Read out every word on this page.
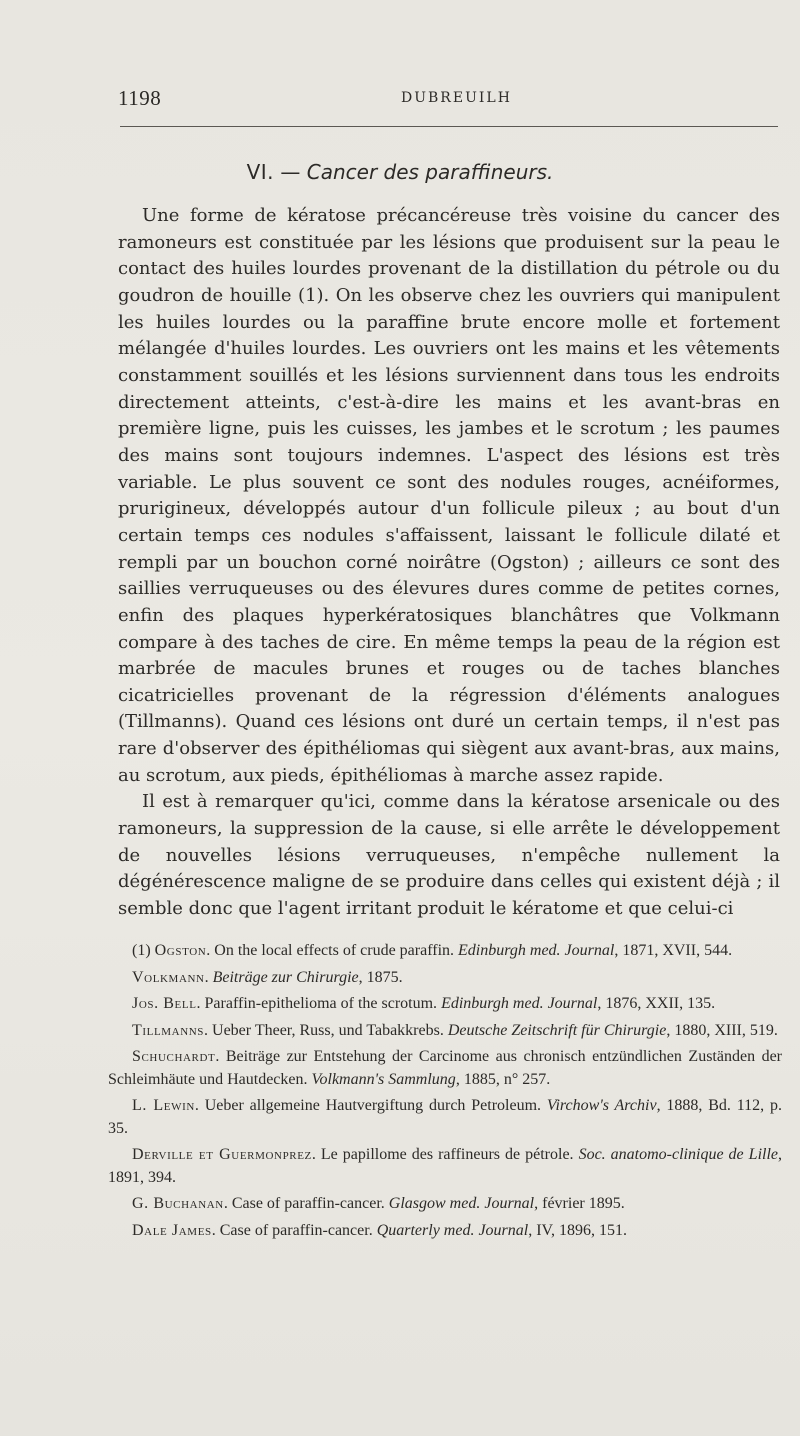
1198	DUBREUILH
VI. — Cancer des paraffineurs.

Une forme de kératose précancéreuse très voisine du cancer des ramoneurs est constituée par les lésions que produisent sur la peau le contact des huiles lourdes provenant de la distillation du pétrole ou du goudron de houille (1). On les observe chez les ouvriers qui manipulent les huiles lourdes ou la paraffine brute encore molle et fortement mélangée d'huiles lourdes. Les ouvriers ont les mains et les vêtements constamment souillés et les lésions surviennent dans tous les endroits directement atteints, c'est-à-dire les mains et les avant-bras en première ligne, puis les cuisses, les jambes et le scrotum ; les paumes des mains sont toujours indemnes. L'aspect des lésions est très variable. Le plus souvent ce sont des nodules rouges, acnéiformes, prurigineux, développés autour d'un follicule pileux ; au bout d'un certain temps ces nodules s'affaissent, laissant le follicule dilaté et rempli par un bouchon corné noirâtre (Ogston) ; ailleurs ce sont des saillies verruqueuses ou des élevures dures comme de petites cornes, enfin des plaques hyperkératosiques blanchâtres que Volkmann compare à des taches de cire. En même temps la peau de la région est marbrée de macules brunes et rouges ou de taches blanches cicatricielles provenant de la régression d'éléments analogues (Tillmanns). Quand ces lésions ont duré un certain temps, il n'est pas rare d'observer des épithéliomas qui siègent aux avant-bras, aux mains, au scrotum, aux pieds, épithéliomas à marche assez rapide.

Il est à remarquer qu'ici, comme dans la kératose arsenicale ou des ramoneurs, la suppression de la cause, si elle arrête le développement de nouvelles lésions verruqueuses, n'empêche nullement la dégénérescence maligne de se produire dans celles qui existent déjà ; il semble donc que l'agent irritant produit le kératome et que celui-ci

(1) Ogston. On the local effects of crude paraffin. Edinburgh med. Journal, 1871, XVII, 544.

Volkmann. Beiträge zur Chirurgie, 1875.

Jos. Bell. Paraffin-epithelioma of the scrotum. Edinburgh med. Journal, 1876, XXII, 135.

Tillmanns. Ueber Theer, Russ, und Tabakkrebs. Deutsche Zeitschrift für Chirurgie, 1880, XIII, 519.

Schuchardt. Beiträge zur Entstehung der Carcinome aus chronisch entzündlichen Zuständen der Schleimhäute und Hautdecken. Volkmann's Sammlung, 1885, n° 257.

L. Lewin. Ueber allgemeine Hautvergiftung durch Petroleum. Virchow's Archiv, 1888, Bd. 112, p. 35.

Derville et Guermonprez. Le papillome des raffineurs de pétrole. Soc. anatomo-clinique de Lille, 1891, 394.

G. Buchanan. Case of paraffin-cancer. Glasgow med. Journal, février 1895.

Dale James. Case of paraffin-cancer. Quarterly med. Journal, IV, 1896, 151.
